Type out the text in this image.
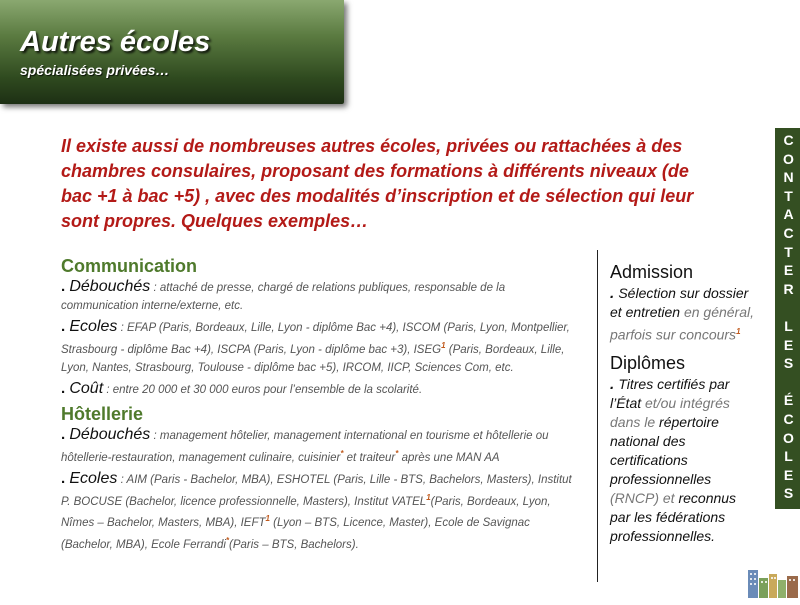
Autres écoles
spécialisées privées…

Il existe aussi de nombreuses autres écoles, privées ou rattachées à des chambres consulaires, proposant des formations à différents niveaux (de bac +1 à bac +5) , avec des modalités d’inscription et de sélection qui leur sont propres. Quelques exemples…

Communication

. Débouchés : attaché de presse, chargé de relations publiques, responsable de la communication interne/externe, etc.

. Ecoles : EFAP (Paris, Bordeaux, Lille, Lyon - diplôme Bac +4), ISCOM (Paris, Lyon, Montpellier, Strasbourg - diplôme Bac +4), ISCPA (Paris, Lyon - diplôme bac +3), ISEG$^1$ (Paris, Bordeaux, Lille, Lyon, Nantes, Strasbourg, Toulouse - diplôme bac +5), IRCOM, IICP, Sciences Com, etc.

. Coût : entre 20 000 et 30 000 euros pour l’ensemble de la scolarité.

Hôtellerie

. Débouchés : management hôtelier, management international en tourisme et hôtellerie ou hôtellerie-restauration, management culinaire, cuisinier* et traiteur* après une MAN AA

. Ecoles : AIM (Paris - Bachelor, MBA), ESHOTEL (Paris, Lille - BTS, Bachelors, Masters), Institut P. BOCUSE (Bachelor, licence professionnelle, Masters), Institut VATEL$^1$(Paris, Bordeaux, Lyon, Nîmes – Bachelor, Masters, MBA), IEFT$^1$ (Lyon – BTS, Licence, Master), Ecole de Savignac (Bachelor, MBA), Ecole Ferrandi*(Paris – BTS, Bachelors).

Admission

. Sélection sur dossier et entretien en général, parfois sur concours$^1$

Diplômes

. Titres certifiés par l’État et/ou intégrés dans le répertoire national des certifications professionnelles (RNCP) et reconnus par les fédérations professionnelles.

C
O
N
T
A
C
T
E
R
L
E
S
É
C
O
L
E
S
